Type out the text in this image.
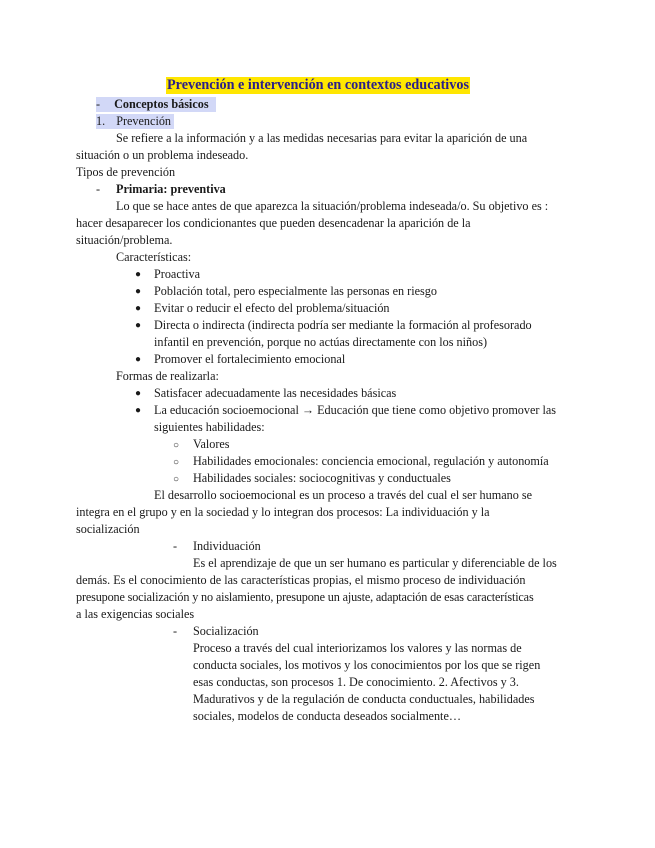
Prevención e intervención en contextos educativos
- Conceptos básicos
1. Prevención
Se refiere a la información y a las medidas necesarias para evitar la aparición de una
situación o un problema indeseado.
Tipos de prevención
- Primaria: preventiva
Lo que se hace antes de que aparezca la situación/problema indeseada/o. Su objetivo es :
hacer desaparecer los condicionantes que pueden desencadenar la aparición de la
situación/problema.
Características:
● Proactiva
● Población total, pero especialmente las personas en riesgo
● Evitar o reducir el efecto del problema/situación
● Directa o indirecta (indirecta podría ser mediante la formación al profesorado
infantil en prevención, porque no actúas directamente con los niños)
● Promover el fortalecimiento emocional
Formas de realizarla:
● Satisfacer adecuadamente las necesidades básicas
● La educación socioemocional → Educación que tiene como objetivo promover las
siguientes habilidades:
○ Valores
○ Habilidades emocionales: conciencia emocional, regulación y autonomía
○ Habilidades sociales: sociocognitivas y conductuales
El desarrollo socioemocional es un proceso a través del cual el ser humano se
integra en el grupo y en la sociedad y lo integran dos procesos: La individuación y la
socialización
- Individuación
Es el aprendizaje de que un ser humano es particular y diferenciable de los
demás. Es el conocimiento de las características propias, el mismo proceso de individuación
presupone socialización y no aislamiento, presupone un ajuste, adaptación de esas características
a las exigencias sociales
- Socialización
Proceso a través del cual interiorizamos los valores y las normas de
conducta sociales, los motivos y los conocimientos por los que se rigen
esas conductas, son procesos 1. De conocimiento. 2. Afectivos y 3.
Madurativos y de la regulación de conducta conductuales, habilidades
sociales, modelos de conducta deseados socialmente…
